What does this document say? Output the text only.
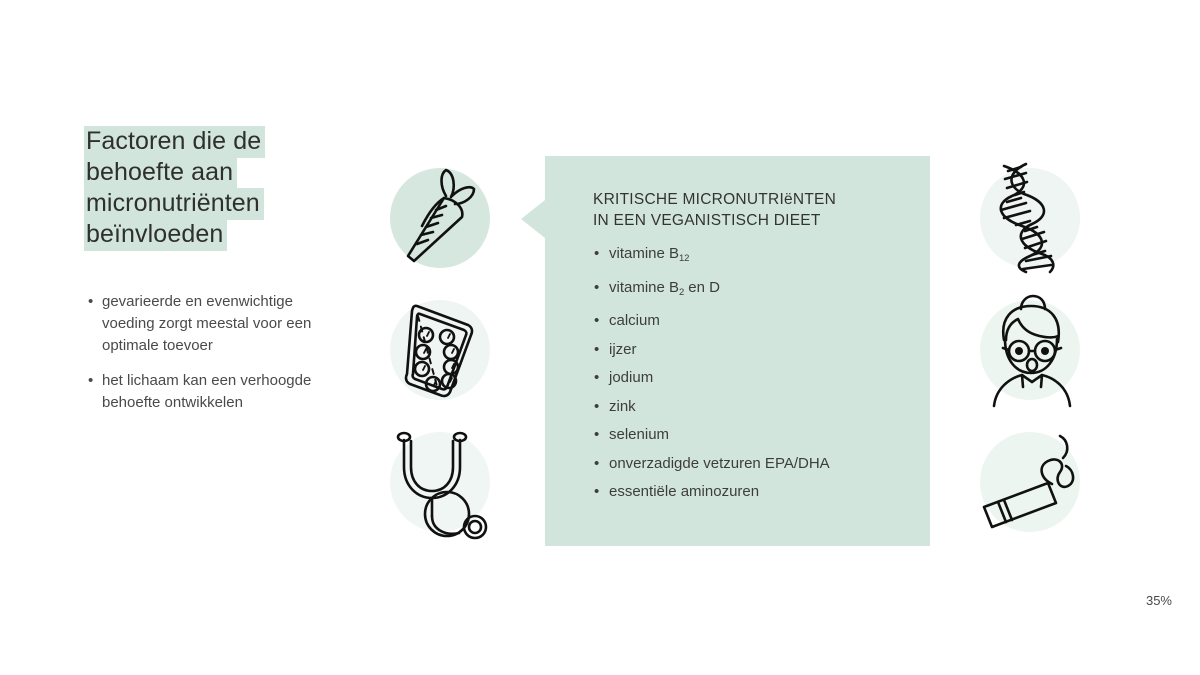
Factoren die de
behoefte aan
micronutriënten
beïnvloeden
• gevarieerde en evenwichtige voeding zorgt meestal voor een optimale toevoer
• het lichaam kan een verhoogde behoefte ontwikkelen
KRITISCHE MICRONUTRIëNTEN
IN EEN VEGANISTISCH DIEET
• vitamine $B_{12}$
• vitamine $B_2$ en D
• calcium
• ijzer
• jodium
• zink
• selenium
• onverzadigde vetzuren EPA/DHA
• essentiële aminozuren
35%
